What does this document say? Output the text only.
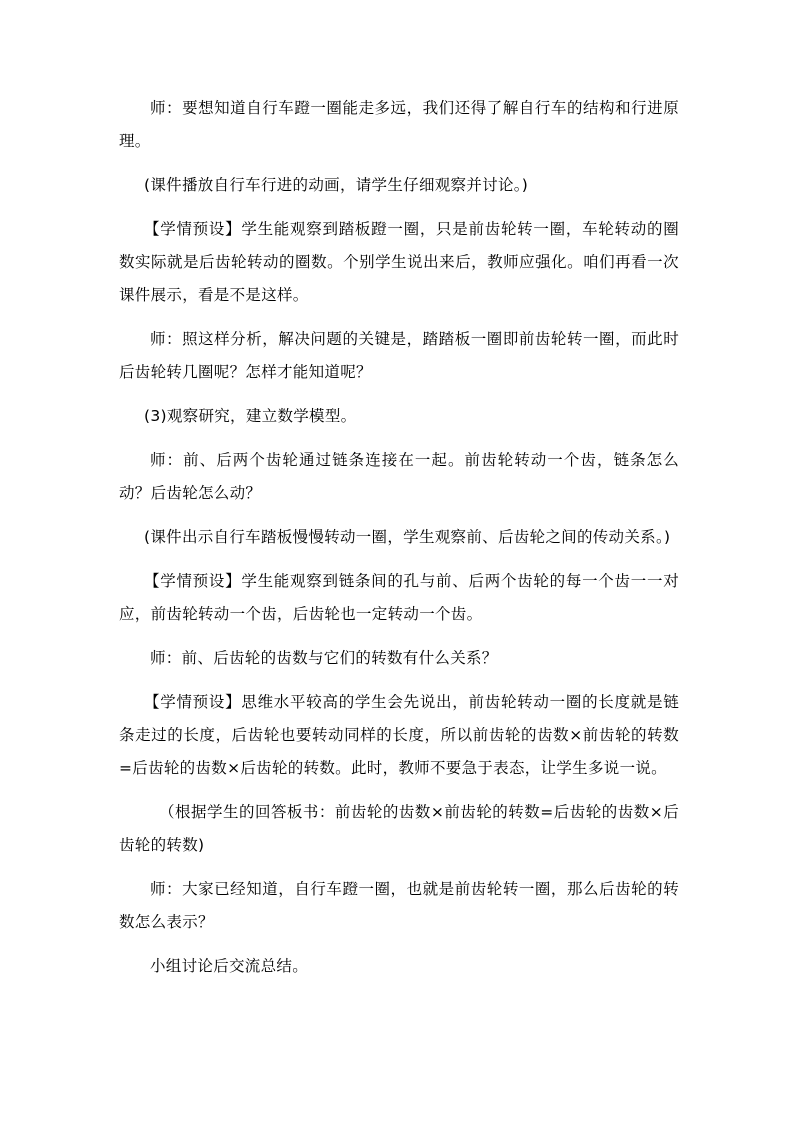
师：要想知道自行车蹬一圈能走多远，我们还得了解自行车的结构和行进原理。

(课件播放自行车行进的动画，请学生仔细观察并讨论。)

【学情预设】学生能观察到踏板蹬一圈，只是前齿轮转一圈，车轮转动的圈数实际就是后齿轮转动的圈数。个别学生说出来后，教师应强化。咱们再看一次课件展示，看是不是这样。

师：照这样分析，解决问题的关键是，踏踏板一圈即前齿轮转一圈，而此时后齿轮转几圈呢？怎样才能知道呢？

(3)观察研究，建立数学模型。

师：前、后两个齿轮通过链条连接在一起。前齿轮转动一个齿，链条怎么动？后齿轮怎么动？

(课件出示自行车踏板慢慢转动一圈，学生观察前、后齿轮之间的传动关系。)

【学情预设】学生能观察到链条间的孔与前、后两个齿轮的每一个齿一一对应，前齿轮转动一个齿，后齿轮也一定转动一个齿。

师：前、后齿轮的齿数与它们的转数有什么关系？

【学情预设】思维水平较高的学生会先说出，前齿轮转动一圈的长度就是链条走过的长度，后齿轮也要转动同样的长度，所以前齿轮的齿数×前齿轮的转数=后齿轮的齿数×后齿轮的转数。此时，教师不要急于表态，让学生多说一说。

（根据学生的回答板书：前齿轮的齿数×前齿轮的转数=后齿轮的齿数×后齿轮的转数)

师：大家已经知道，自行车蹬一圈，也就是前齿轮转一圈，那么后齿轮的转数怎么表示？

小组讨论后交流总结。
